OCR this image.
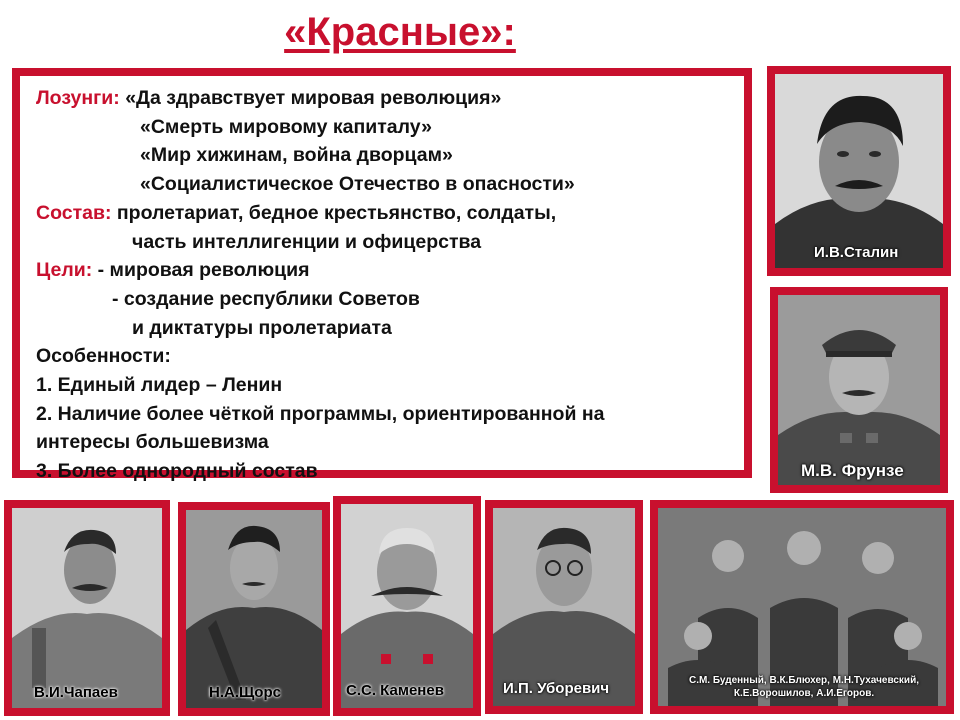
«Красные»:
Лозунги: «Да здравствует мировая революция»
«Смерть мировому капиталу»
«Мир хижинам, война дворцам»
«Социалистическое Отечество в опасности»
Состав: пролетариат, бедное крестьянство, солдаты,
часть интеллигенции и офицерства
Цели: - мировая революция
- создание республики Советов
и диктатуры пролетариата
Особенности:
1. Единый лидер – Ленин
2. Наличие более чёткой программы, ориентированной на
интересы большевизма
3. Более однородный состав
И.В.Сталин
М.В. Фрунзе
В.И.Чапаев	Н.А.Щорс	С.С. Каменев	И.П. Уборевич	С.М. Буденный, В.К.Блюхер, М.Н.Тухачевский,
К.Е.Ворошилов, А.И.Егоров.
